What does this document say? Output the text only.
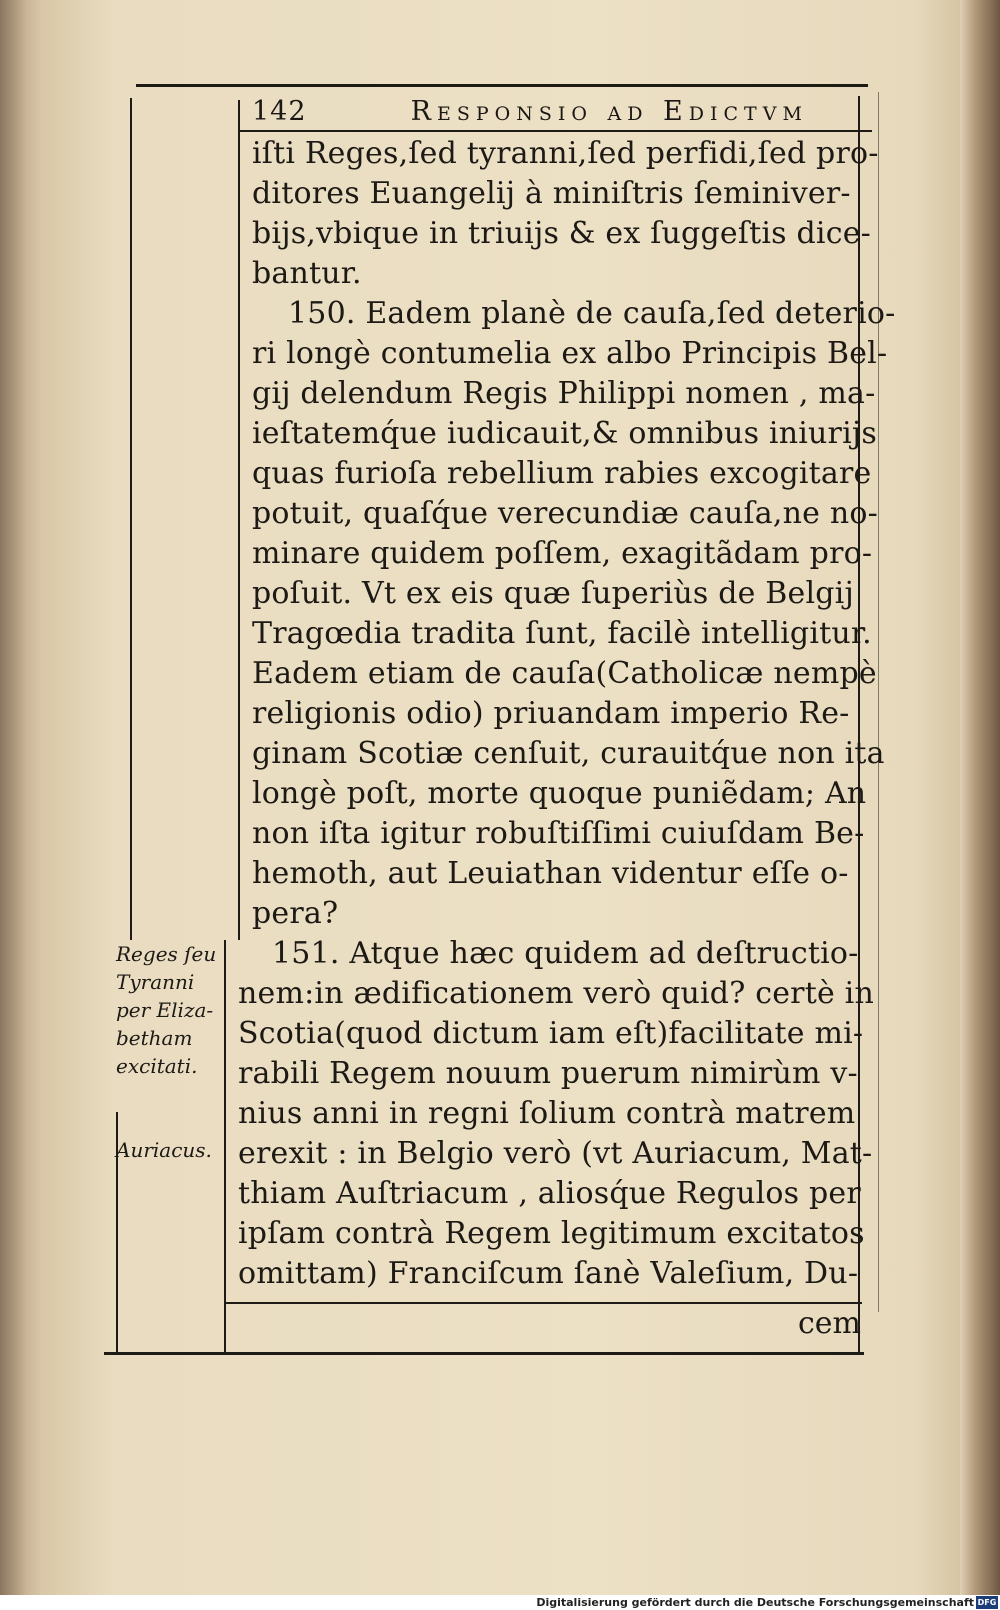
142	Responsio ad Edictvm
iſti Reges,ſed tyranni,ſed perfidi,ſed pro-
ditores Euangelij à miniſtris ſeminiver-
bijs,vbique in triuijs & ex ſuggeſtis dice-
bantur.
150. Eadem planè de cauſa,ſed deterio-
ri longè contumelia ex albo Principis Bel-
gij delendum Regis Philippi nomen , ma-
ieſtatemq́ue iudicauit,& omnibus iniurijs
quas furioſa rebellium rabies excogitare
potuit, quaſq́ue verecundiæ cauſa,ne no-
minare quidem poſſem, exagitãdam pro-
poſuit. Vt ex eis quæ ſuperiùs de Belgij
Tragœdia tradita ſunt, facilè intelligitur.
Eadem etiam de cauſa(Catholicæ nempè
religionis odio) priuandam imperio Re-
ginam Scotiæ cenſuit, curauitq́ue non ita
longè poſt, morte quoque puniẽdam; An
non iſta igitur robuſtiſſimi cuiuſdam Be-
hemoth, aut Leuiathan videntur eſſe o-
pera?
151. Atque hæc quidem ad deſtructio-
nem:in ædificationem verò quid? certè in
Scotia(quod dictum iam eſt)facilitate mi-
rabili Regem nouum puerum nimirùm v-
nius anni in regni ſolium contrà matrem
erexit : in Belgio verò (vt Auriacum, Mat-
thiam Auſtriacum , aliosq́ue Regulos per
ipſam contrà Regem legitimum excitatos
omittam) Franciſcum ſanè Valeſium, Du-
cem
Reges ſeu
Tyranni
per Eliza-
betham
excitati.
Auriacus.
Digitalisierung gefördert durch die Deutsche Forschungsgemeinschaft DFG
